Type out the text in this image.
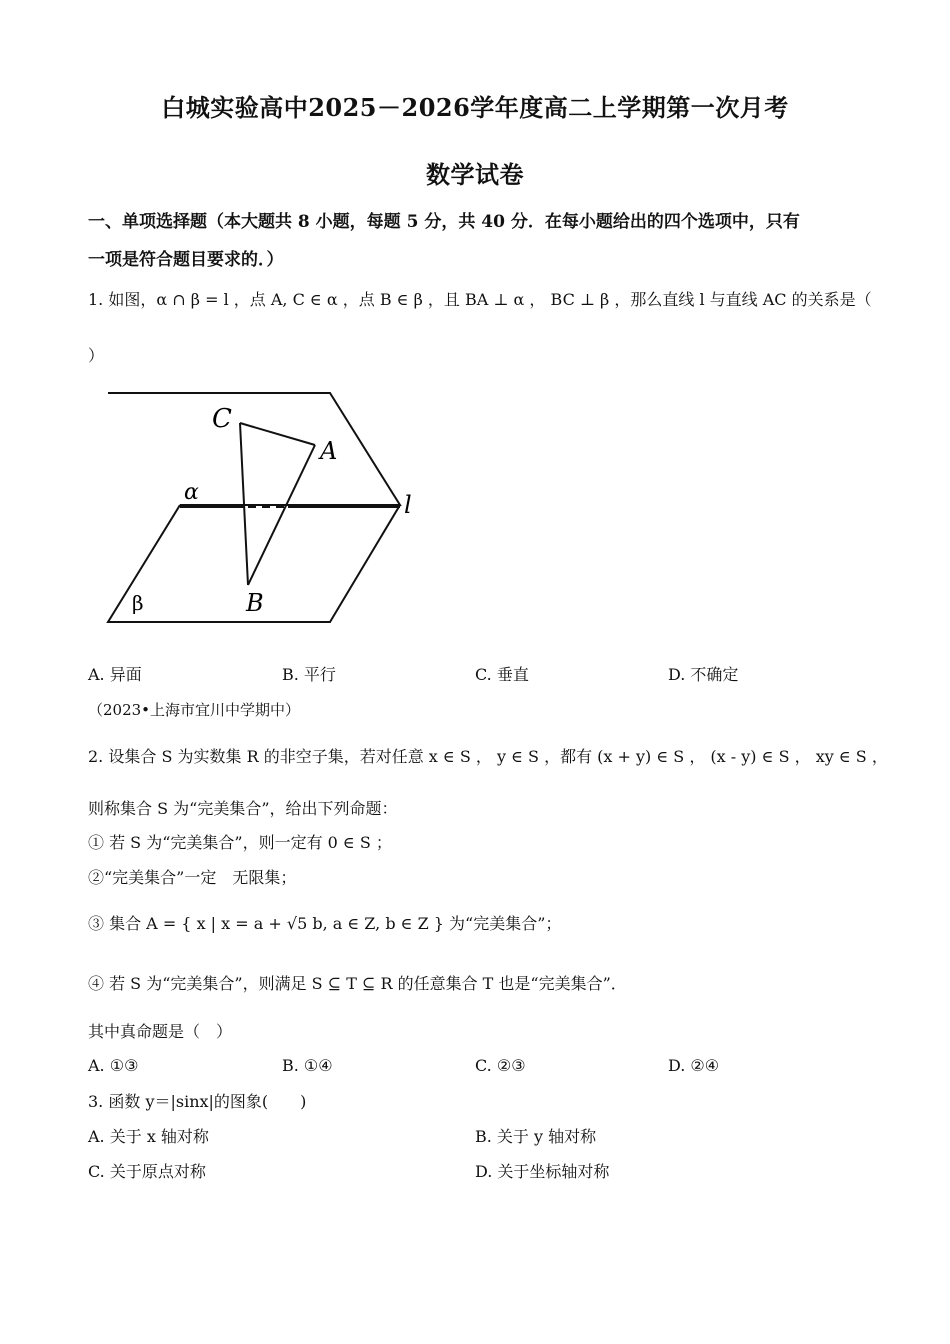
白城实验高中2025－2026学年度高二上学期第一次月考
数学试卷
一、单项选择题（本大题共 8 小题，每题 5 分，共 40 分．在每小题给出的四个选项中，只有
一项是符合题目要求的．）
1. 如图，α ∩ β = l ，点 A, C ∈ α ，点 B ∈ β ，且 BA ⊥ α ， BC ⊥ β ，那么直线 l 与直线 AC 的关系是（
）
C
A
α	l
β	B
A. 异面	B. 平行	C. 垂直	D. 不确定
（2023•上海市宜川中学期中）
2. 设集合 S 为实数集 R 的非空子集，若对任意 x ∈ S ， y ∈ S ，都有 (x + y) ∈ S ， (x - y) ∈ S ， xy ∈ S ，
则称集合 S 为“完美集合”，给出下列命题：
① 若 S 为“完美集合”，则一定有 0 ∈ S ；
②“完美集合”一定　无限集；
③ 集合 A = { x | x = a + √5 b, a ∈ Z, b ∈ Z } 为“完美集合”；
④ 若 S 为“完美集合”，则满足 S ⊆ T ⊆ R 的任意集合 T 也是“完美集合”．
其中真命题是（　）
A. ①③	B. ①④	C. ②③	D. ②④
3. 函数 y＝|sinx|的图象(　　)
A. 关于 x 轴对称	B. 关于 y 轴对称
C. 关于原点对称	D. 关于坐标轴对称
